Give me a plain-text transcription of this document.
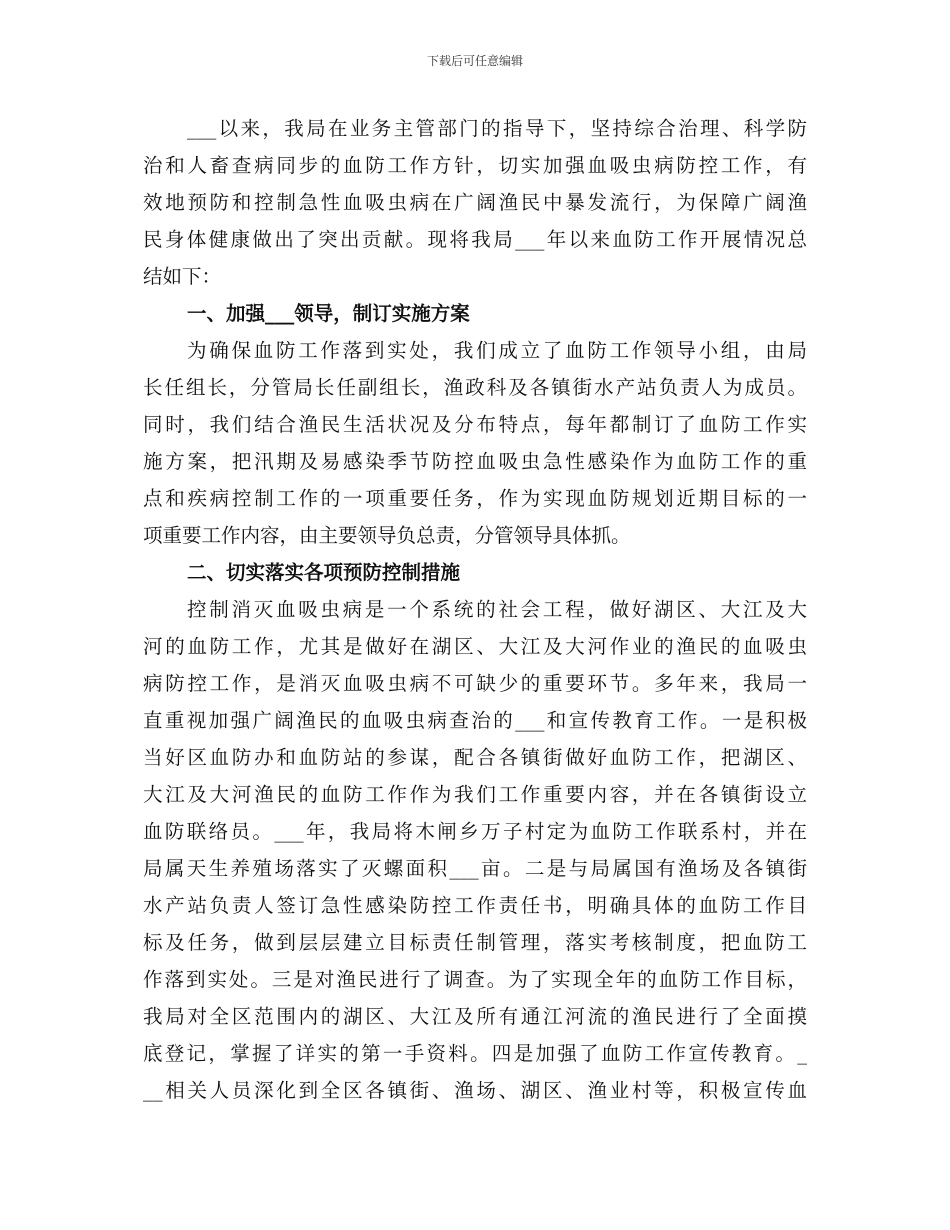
下载后可任意编辑
___以来，我局在业务主管部门的指导下，坚持综合治理、科学防
治和人畜查病同步的血防工作方针，切实加强血吸虫病防控工作，有
效地预防和控制急性血吸虫病在广阔渔民中暴发流行，为保障广阔渔
民身体健康做出了突出贡献。现将我局___年以来血防工作开展情况总
结如下：
一、加强___领导，制订实施方案
为确保血防工作落到实处，我们成立了血防工作领导小组，由局
长任组长，分管局长任副组长，渔政科及各镇街水产站负责人为成员。
同时，我们结合渔民生活状况及分布特点，每年都制订了血防工作实
施方案，把汛期及易感染季节防控血吸虫急性感染作为血防工作的重
点和疾病控制工作的一项重要任务，作为实现血防规划近期目标的一
项重要工作内容，由主要领导负总责，分管领导具体抓。
二、切实落实各项预防控制措施
控制消灭血吸虫病是一个系统的社会工程，做好湖区、大江及大
河的血防工作，尤其是做好在湖区、大江及大河作业的渔民的血吸虫
病防控工作，是消灭血吸虫病不可缺少的重要环节。多年来，我局一
直重视加强广阔渔民的血吸虫病查治的___和宣传教育工作。一是积极
当好区血防办和血防站的参谋，配合各镇街做好血防工作，把湖区、
大江及大河渔民的血防工作作为我们工作重要内容，并在各镇街设立
血防联络员。___年，我局将木闸乡万子村定为血防工作联系村，并在
局属天生养殖场落实了灭螺面积___亩。二是与局属国有渔场及各镇街
水产站负责人签订急性感染防控工作责任书，明确具体的血防工作目
标及任务，做到层层建立目标责任制管理，落实考核制度，把血防工
作落到实处。三是对渔民进行了调查。为了实现全年的血防工作目标，
我局对全区范围内的湖区、大江及所有通江河流的渔民进行了全面摸
底登记，掌握了详实的第一手资料。四是加强了血防工作宣传教育。_
__相关人员深化到全区各镇街、渔场、湖区、渔业村等，积极宣传血
